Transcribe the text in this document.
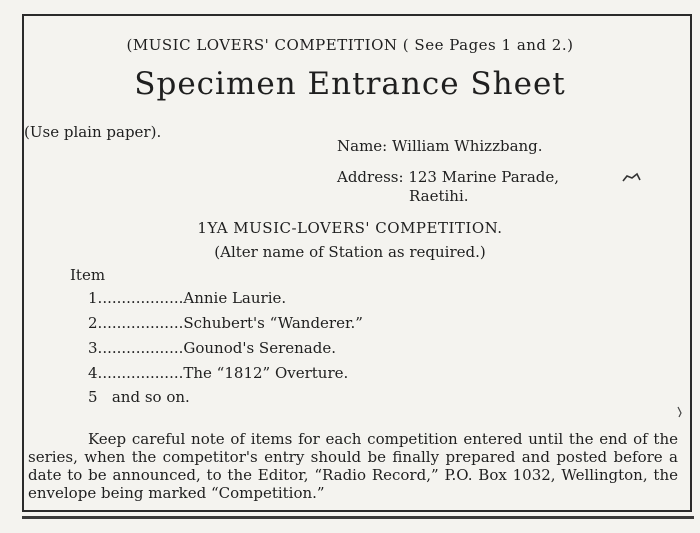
(MUSIC LOVERS' COMPETITION ( See Pages 1 and 2.)
Specimen Entrance Sheet
(Use plain paper).
Name: William Whizzbang.
Address: 123 Marine Parade,
Raetihi.
1YA MUSIC-LOVERS' COMPETITION.
(Alter name of Station as required.)
Item
1..................Annie Laurie.
2..................Schubert's “Wanderer.”
3..................Gounod's Serenade.
4..................The “1812” Overture.
5 and so on.
Keep careful note of items for each competition entered until the end of the series, when the competitor's entry should be finally prepared and posted before a date to be announced, to the Editor, “Radio Record,” P.O. Box 1032, Wellington, the envelope being marked “Competition.”
